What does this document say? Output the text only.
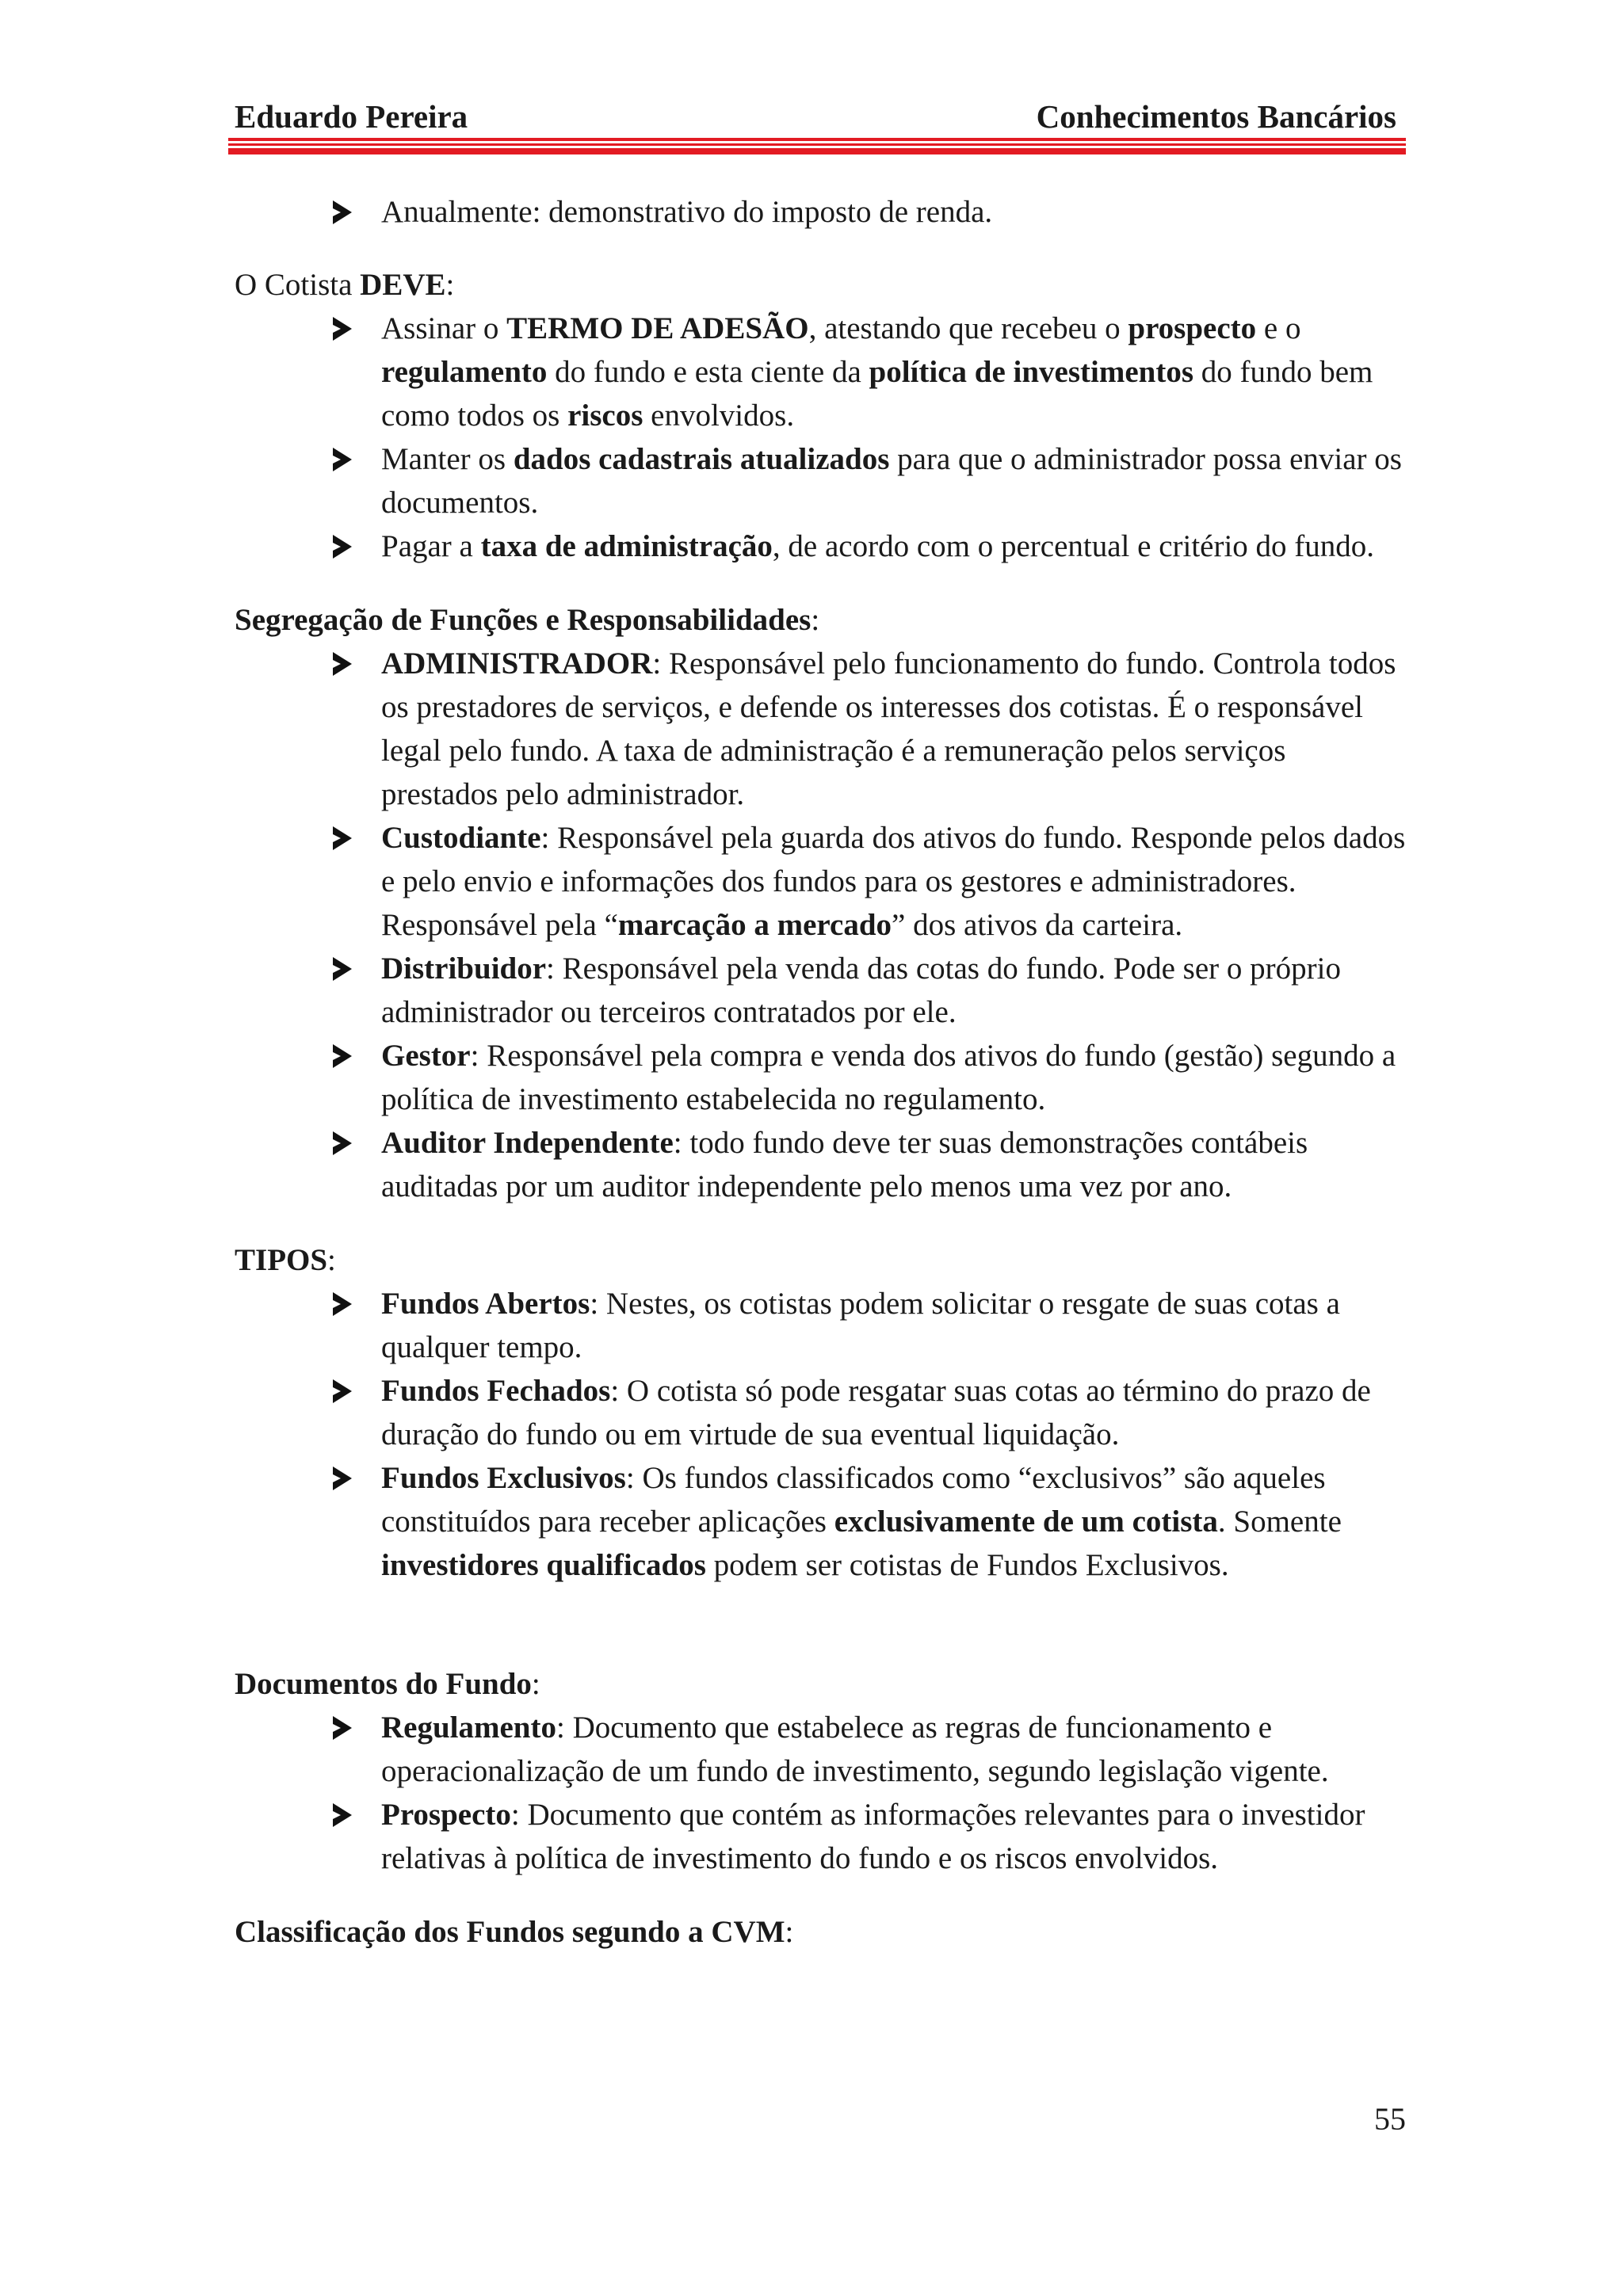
Eduardo Pereira	Conhecimentos Bancários

Anualmente: demonstrativo do imposto de renda.

O Cotista DEVE:

Assinar o TERMO DE ADESÃO, atestando que recebeu o prospecto e o regulamento do fundo e esta ciente da política de investimentos do fundo bem como todos os riscos envolvidos.

Manter os dados cadastrais atualizados para que o administrador possa enviar os documentos.

Pagar a taxa de administração, de acordo com o percentual e critério do fundo.

Segregação de Funções e Responsabilidades:

ADMINISTRADOR: Responsável pelo funcionamento do fundo. Controla todos os prestadores de serviços, e defende os interesses dos cotistas. É o responsável legal pelo fundo. A taxa de administração é a remuneração pelos serviços prestados pelo administrador.

Custodiante: Responsável pela guarda dos ativos do fundo. Responde pelos dados e pelo envio e informações dos fundos para os gestores e administradores. Responsável pela “marcação a mercado” dos ativos da carteira.

Distribuidor: Responsável pela venda das cotas do fundo. Pode ser o próprio administrador ou terceiros contratados por ele.

Gestor: Responsável pela compra e venda dos ativos do fundo (gestão) segundo a política de investimento estabelecida no regulamento.

Auditor Independente: todo fundo deve ter suas demonstrações contábeis auditadas por um auditor independente pelo menos uma vez por ano.

TIPOS:

Fundos Abertos: Nestes, os cotistas podem solicitar o resgate de suas cotas a qualquer tempo.

Fundos Fechados: O cotista só pode resgatar suas cotas ao término do prazo de duração do fundo ou em virtude de sua eventual liquidação.

Fundos Exclusivos: Os fundos classificados como “exclusivos” são aqueles constituídos para receber aplicações exclusivamente de um cotista. Somente investidores qualificados podem ser cotistas de Fundos Exclusivos.

Documentos do Fundo:

Regulamento: Documento que estabelece as regras de funcionamento e operacionalização de um fundo de investimento, segundo legislação vigente.

Prospecto: Documento que contém as informações relevantes para o investidor relativas à política de investimento do fundo e os riscos envolvidos.

Classificação dos Fundos segundo a CVM:

55
